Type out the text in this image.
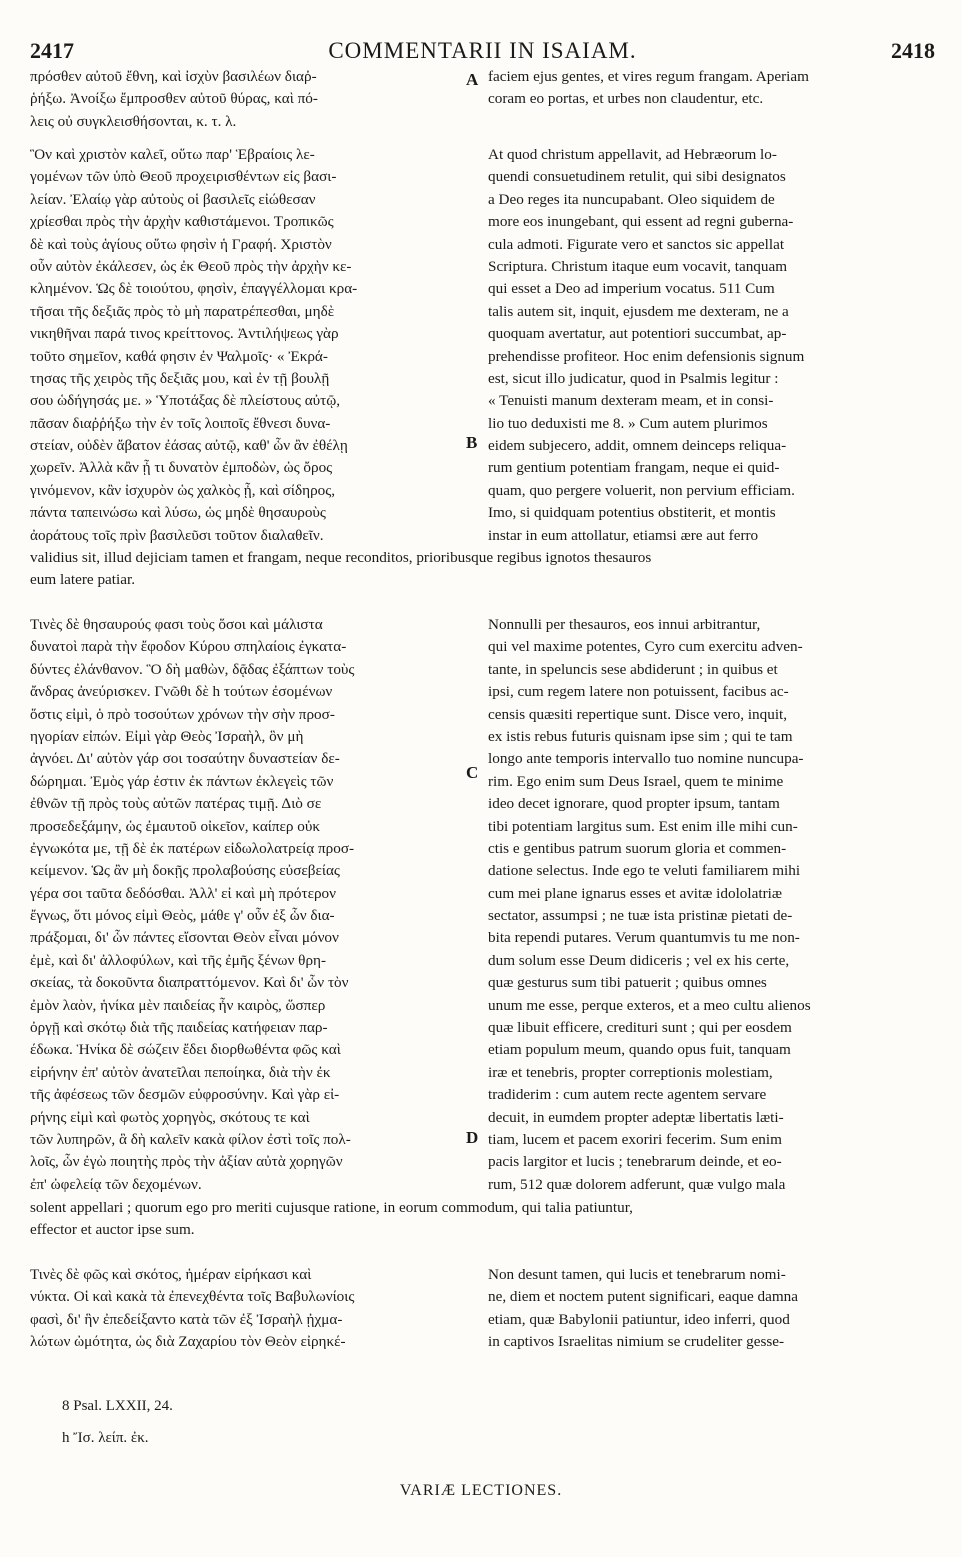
2417	COMMENTARII IN ISAIAM.	2418
πρόσθεν αὐτοῦ ἔθνη, καὶ ἰσχὺν βασιλέων διαῤ-
ῥήξω. Ἀνοίξω ἔμπροσθεν αὐτοῦ θύρας, καὶ πό-
λεις οὐ συγκλεισθήσονται, κ. τ. λ.
faciem ejus gentes, et vires regum frangam. Aperiam
coram eo portas, et urbes non claudentur, etc.
Ὃν καὶ χριστὸν καλεῖ, οὕτω παρ' Ἑβραίοις λε-
γομένων τῶν ὑπὸ Θεοῦ προχειρισθέντων εἰς βασι-
λείαν. Ἐλαίῳ γὰρ αὐτοὺς οἱ βασιλεῖς εἰώθεσαν
χρίεσθαι πρὸς τὴν ἀρχὴν καθιστάμενοι. Τροπικῶς
δὲ καὶ τοὺς ἁγίους οὕτω φησὶν ἡ Γραφή. Χριστὸν
οὖν αὐτὸν ἐκάλεσεν, ὡς ἐκ Θεοῦ πρὸς τὴν ἀρχὴν κε-
κλημένον. Ὡς δὲ τοιούτου, φησὶν, ἐπαγγέλλομαι κρα-
τῆσαι τῆς δεξιᾶς πρὸς τὸ μὴ παρατρέπεσθαι, μηδὲ
νικηθῆναι παρά τινος κρείττονος. Ἀντιλήψεως γὰρ
τοῦτο σημεῖον, καθά φησιν ἐν Ψαλμοῖς· « Ἐκρά-
τησας τῆς χειρὸς τῆς δεξιᾶς μου, καὶ ἐν τῇ βουλῇ
σου ὡδήγησάς με. » Ὑποτάξας δὲ πλείστους αὐτῷ,
πᾶσαν διαῤῥήξω τὴν ἐν τοῖς λοιποῖς ἔθνεσι δυνα-
στείαν, οὐδὲν ἄβατον ἐάσας αὐτῷ, καθ' ὧν ἂν ἐθέλῃ
χωρεῖν. Ἀλλὰ κἂν ᾖ τι δυνατὸν ἐμποδὼν, ὡς ὄρος
γινόμενον, κἂν ἰσχυρὸν ὡς χαλκὸς ᾖ, καὶ σίδηρος,
πάντα ταπεινώσω καὶ λύσω, ὡς μηδὲ θησαυροὺς
ἀοράτους τοῖς πρὶν βασιλεῦσι τοῦτον διαλαθεῖν.
At quod christum appellavit, ad Hebræorum lo-
quendi consuetudinem retulit, qui sibi designatos
a Deo reges ita nuncupabant. Oleo siquidem de
more eos inungebant, qui essent ad regni guberna-
cula admoti. Figurate vero et sanctos sic appellat
Scriptura. Christum itaque eum vocavit, tanquam
qui esset a Deo ad imperium vocatus. 511 Cum
talis autem sit, inquit, ejusdem me dexteram, ne a
quoquam avertatur, aut potentiori succumbat, ap-
prehendisse profiteor. Hoc enim defensionis signum
est, sicut illo judicatur, quod in Psalmis legitur :
« Tenuisti manum dexteram meam, et in consi-
lio tuo deduxisti me 8. » Cum autem plurimos
eidem subjecero, addit, omnem deinceps reliqua-
rum gentium potentiam frangam, neque ei quid-
quam, quo pergere voluerit, non pervium efficiam.
Imo, si quidquam potentius obstiterit, et montis
instar in eum attollatur, etiamsi ære aut ferro
validius sit, illud dejiciam tamen et frangam, neque reconditos, prioribusque regibus ignotos thesauros
eum latere patiar.
Τινὲς δὲ θησαυρούς φασι τοὺς ὅσοι καὶ μάλιστα
δυνατοὶ παρὰ τὴν ἔφοδον Κύρου σπηλαίοις ἐγκατα-
δύντες ἐλάνθανον. Ὃ δὴ μαθὼν, δᾷδας ἐξάπτων τοὺς
ἄνδρας ἀνεύρισκεν. Γνῶθι δὲ h τούτων ἐσομένων
ὅστις εἰμὶ, ὁ πρὸ τοσούτων χρόνων τὴν σὴν προσ-
ηγορίαν εἰπών. Εἰμὶ γὰρ Θεὸς Ἰσραὴλ, ὃν μὴ
ἀγνόει. Δι' αὐτὸν γάρ σοι τοσαύτην δυναστείαν δε-
δώρημαι. Ἐμὸς γάρ ἐστιν ἐκ πάντων ἐκλεγεὶς τῶν
ἐθνῶν τῇ πρὸς τοὺς αὐτῶν πατέρας τιμῇ. Διὸ σε
προσεδεξάμην, ὡς ἐμαυτοῦ οἰκεῖον, καίπερ οὐκ
ἐγνωκότα με, τῇ δὲ ἐκ πατέρων εἰδωλολατρείᾳ προσ-
κείμενον. Ὡς ἂν μὴ δοκῇς προλαβούσης εὐσεβείας
γέρα σοι ταῦτα δεδόσθαι. Ἀλλ' εἰ καὶ μὴ πρότερον
ἔγνως, ὅτι μόνος εἰμὶ Θεὸς, μάθε γ' οὖν ἐξ ὧν δια-
πράξομαι, δι' ὧν πάντες εἴσονται Θεὸν εἶναι μόνον
ἐμὲ, καὶ δι' ἀλλοφύλων, καὶ τῆς ἐμῆς ξένων θρη-
σκείας, τὰ δοκοῦντα διαπραττόμενον. Καὶ δι' ὧν τὸν
ἐμὸν λαὸν, ἡνίκα μὲν παιδείας ἦν καιρὸς, ὥσπερ
ὀργῇ καὶ σκότῳ διὰ τῆς παιδείας κατήφειαν παρ-
έδωκα. Ἡνίκα δὲ σώζειν ἔδει διορθωθέντα φῶς καὶ
εἰρήνην ἐπ' αὐτὸν ἀνατεῖλαι πεποίηκα, διὰ τὴν ἐκ
τῆς ἀφέσεως τῶν δεσμῶν εὐφροσύνην. Καὶ γὰρ εἰ-
ρήνης εἰμὶ καὶ φωτὸς χορηγὸς, σκότους τε καὶ
τῶν λυπηρῶν, ἃ δὴ καλεῖν κακὰ φίλον ἐστὶ τοῖς πολ-
λοῖς, ὧν ἐγὼ ποιητὴς πρὸς τὴν ἀξίαν αὐτὰ χορηγῶν
ἐπ' ὠφελείᾳ τῶν δεχομένων.
Nonnulli per thesauros, eos innui arbitrantur,
qui vel maxime potentes, Cyro cum exercitu adven-
tante, in speluncis sese abdiderunt ; in quibus et
ipsi, cum regem latere non potuissent, facibus ac-
censis quæsiti repertique sunt. Disce vero, inquit,
ex istis rebus futuris quisnam ipse sim ; qui te tam
longo ante temporis intervallo tuo nomine nuncupa-
rim. Ego enim sum Deus Israel, quem te minime
ideo decet ignorare, quod propter ipsum, tantam
tibi potentiam largitus sum. Est enim ille mihi cun-
ctis e gentibus patrum suorum gloria et commen-
datione selectus. Inde ego te veluti familiarem mihi
cum mei plane ignarus esses et avitæ idololatriæ
sectator, assumpsi ; ne tuæ ista pristinæ pietati de-
bita rependi putares. Verum quantumvis tu me non-
dum solum esse Deum didiceris ; vel ex his certe,
quæ gesturus sum tibi patuerit ; quibus omnes
unum me esse, perque exteros, et a meo cultu alienos
quæ libuit efficere, credituri sunt ; qui per eosdem
etiam populum meum, quando opus fuit, tanquam
iræ et tenebris, propter correptionis molestiam,
tradiderim : cum autem recte agentem servare
decuit, in eumdem propter adeptæ libertatis læti-
tiam, lucem et pacem exoriri fecerim. Sum enim
pacis largitor et lucis ; tenebrarum deinde, et eo-
rum, 512 quæ dolorem adferunt, quæ vulgo mala
solent appellari ; quorum ego pro meriti cujusque ratione, in eorum commodum, qui talia patiuntur,
effector et auctor ipse sum.
Τινὲς δὲ φῶς καὶ σκότος, ἡμέραν εἰρήκασι καὶ
νύκτα. Οἱ καὶ κακὰ τὰ ἐπενεχθέντα τοῖς Βαβυλωνίοις
φασὶ, δι' ἣν ἐπεδείξαντο κατὰ τῶν ἐξ Ἰσραὴλ ᾐχμα-
λώτων ὠμότητα, ὡς διὰ Ζαχαρίου τὸν Θεὸν εἰρηκέ-
Non desunt tamen, qui lucis et tenebrarum nomi-
ne, diem et noctem putent significari, eaque damna
etiam, quæ Babylonii patiuntur, ideo inferri, quod
in captivos Israelitas nimium se crudeliter gesse-
A
B
C
D
8 Psal. LXXII, 24.
h Ἴσ. λείπ. ἐκ.
VARIÆ LECTIONES.
